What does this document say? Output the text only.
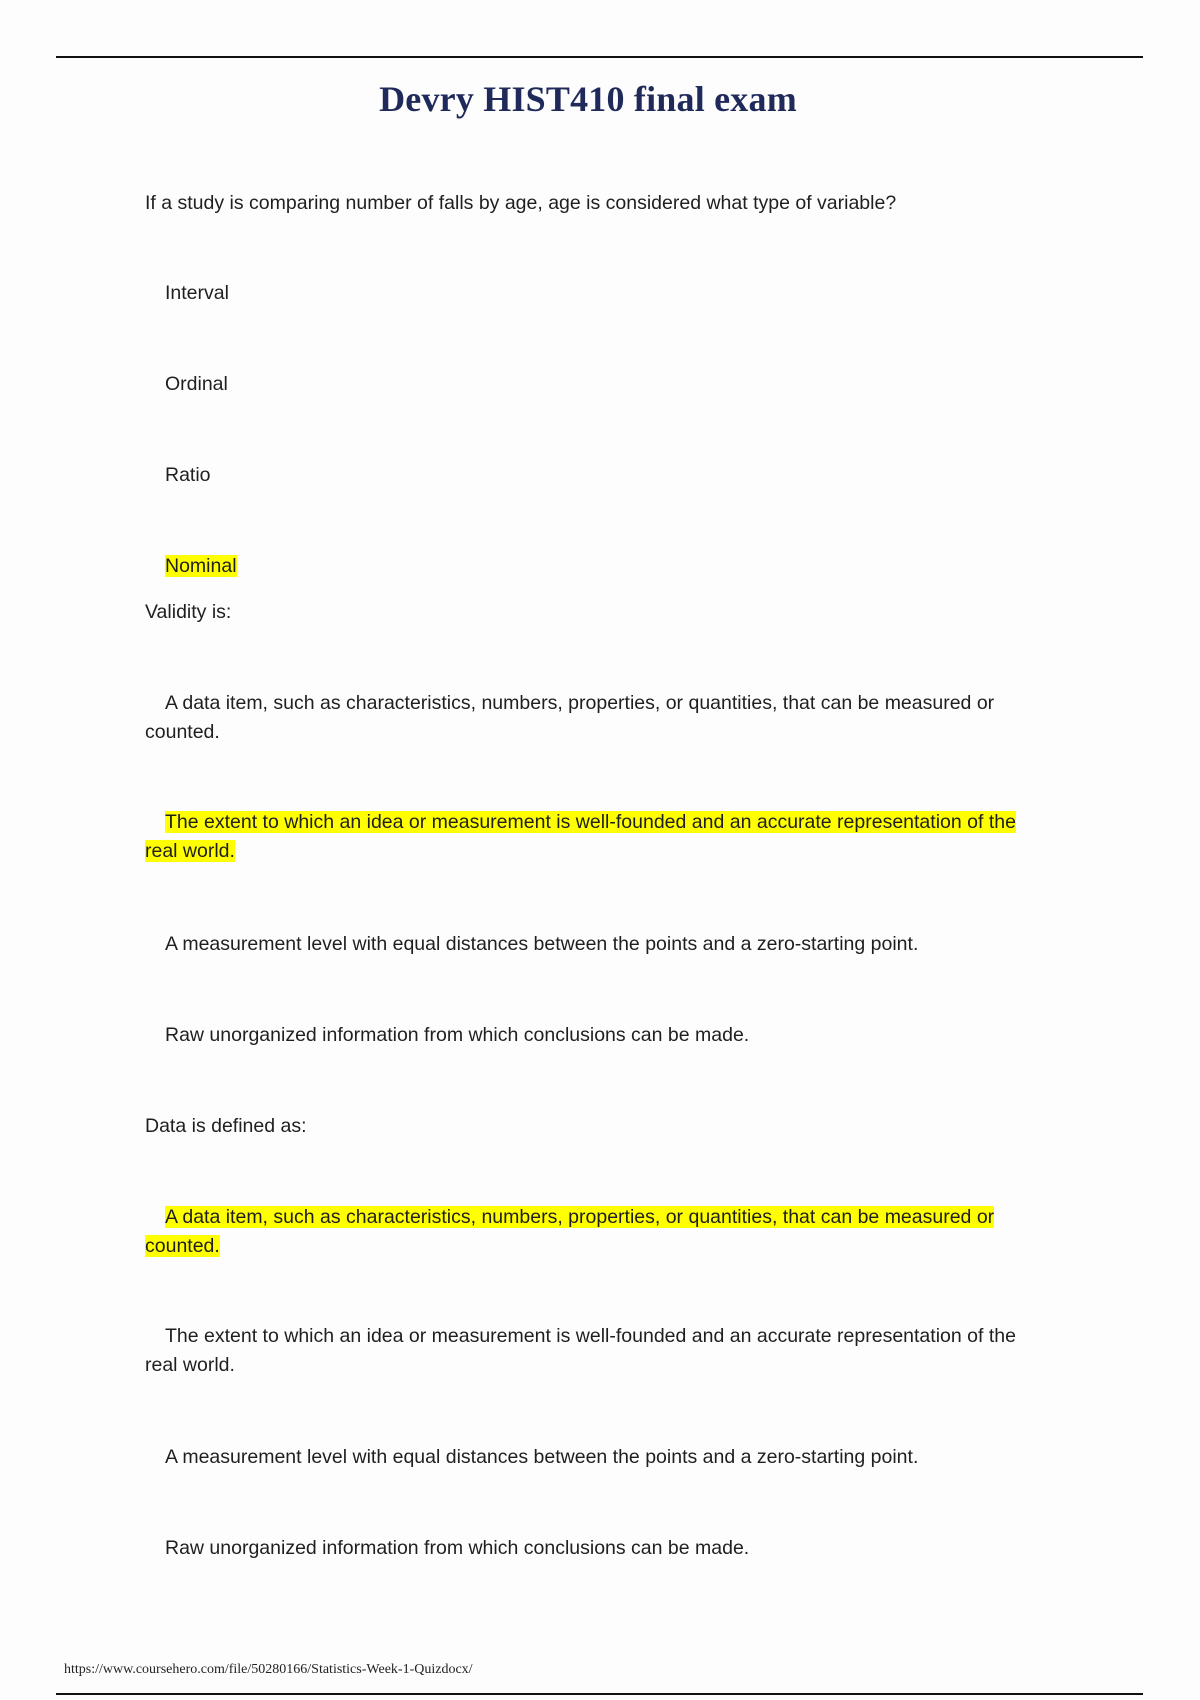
Devry HIST410 final exam

If a study is comparing number of falls by age, age is considered what type of variable?

Interval

Ordinal

Ratio

Nominal

Validity is:

A data item, such as characteristics, numbers, properties, or quantities, that can be measured or counted.

The extent to which an idea or measurement is well-founded and an accurate representation of the real world.

A measurement level with equal distances between the points and a zero-starting point.

Raw unorganized information from which conclusions can be made.

Data is defined as:

A data item, such as characteristics, numbers, properties, or quantities, that can be measured or counted.

The extent to which an idea or measurement is well-founded and an accurate representation of the real world.

A measurement level with equal distances between the points and a zero-starting point.

Raw unorganized information from which conclusions can be made.

https://www.coursehero.com/file/50280166/Statistics-Week-1-Quizdocx/
